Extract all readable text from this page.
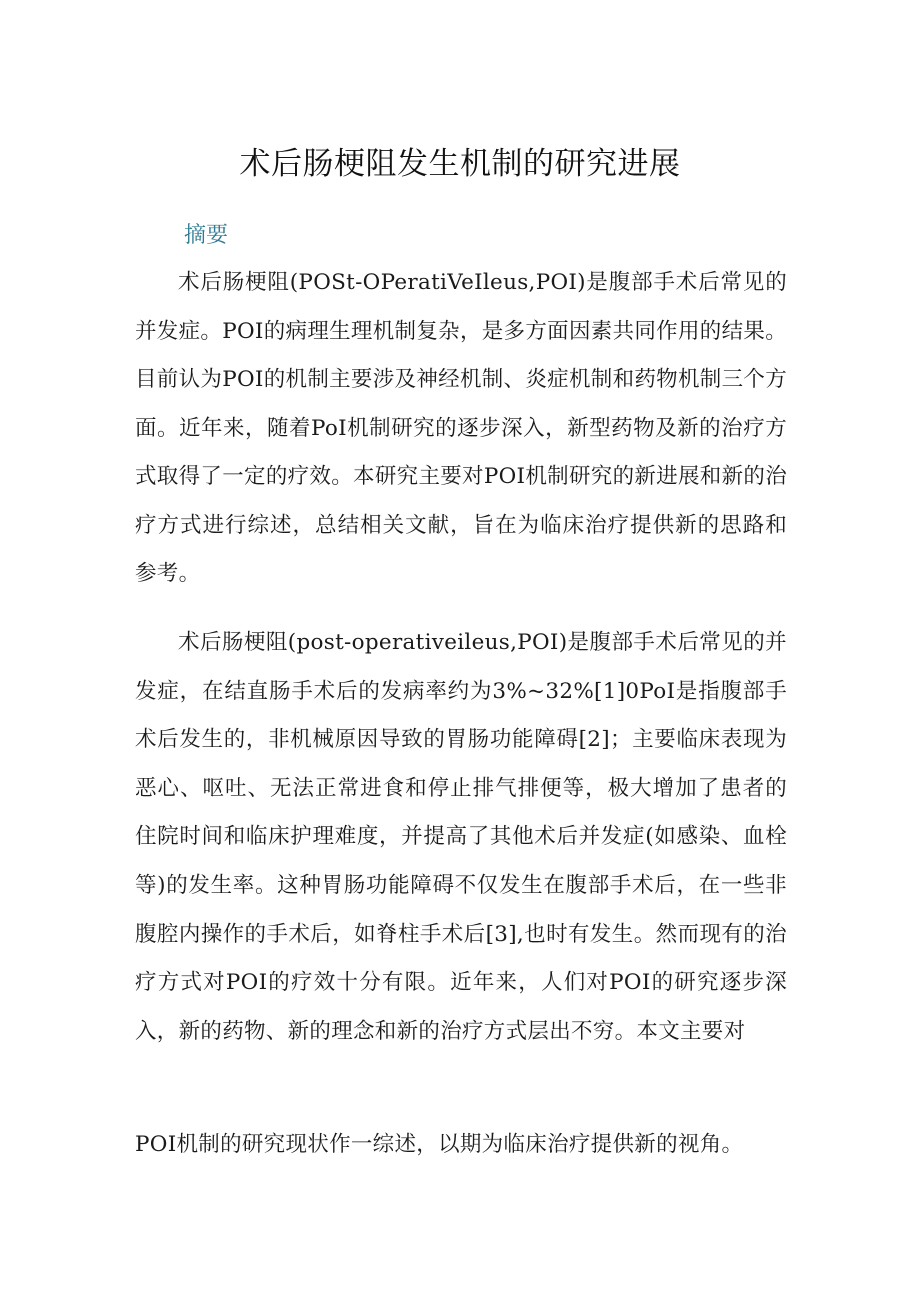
术后肠梗阻发生机制的研究进展
摘要

术后肠梗阻(POSt-OPeratiVeIleus,POI)是腹部手术后常见的并发症。POI的病理生理机制复杂，是多方面因素共同作用的结果。目前认为POI的机制主要涉及神经机制、炎症机制和药物机制三个方面。近年来，随着PoI机制研究的逐步深入，新型药物及新的治疗方式取得了一定的疗效。本研究主要对POI机制研究的新进展和新的治疗方式进行综述，总结相关文献，旨在为临床治疗提供新的思路和参考。

术后肠梗阻(post-operativeileus,POI)是腹部手术后常见的并发症，在结直肠手术后的发病率约为3%~32%[1]0PoI是指腹部手术后发生的，非机械原因导致的胃肠功能障碍[2]；主要临床表现为恶心、呕吐、无法正常进食和停止排气排便等，极大增加了患者的住院时间和临床护理难度，并提高了其他术后并发症(如感染、血栓等)的发生率。这种胃肠功能障碍不仅发生在腹部手术后，在一些非腹腔内操作的手术后，如脊柱手术后[3],也时有发生。然而现有的治疗方式对POI的疗效十分有限。近年来，人们对POI的研究逐步深入，新的药物、新的理念和新的治疗方式层出不穷。本文主要对

POI机制的研究现状作一综述，以期为临床治疗提供新的视角。
